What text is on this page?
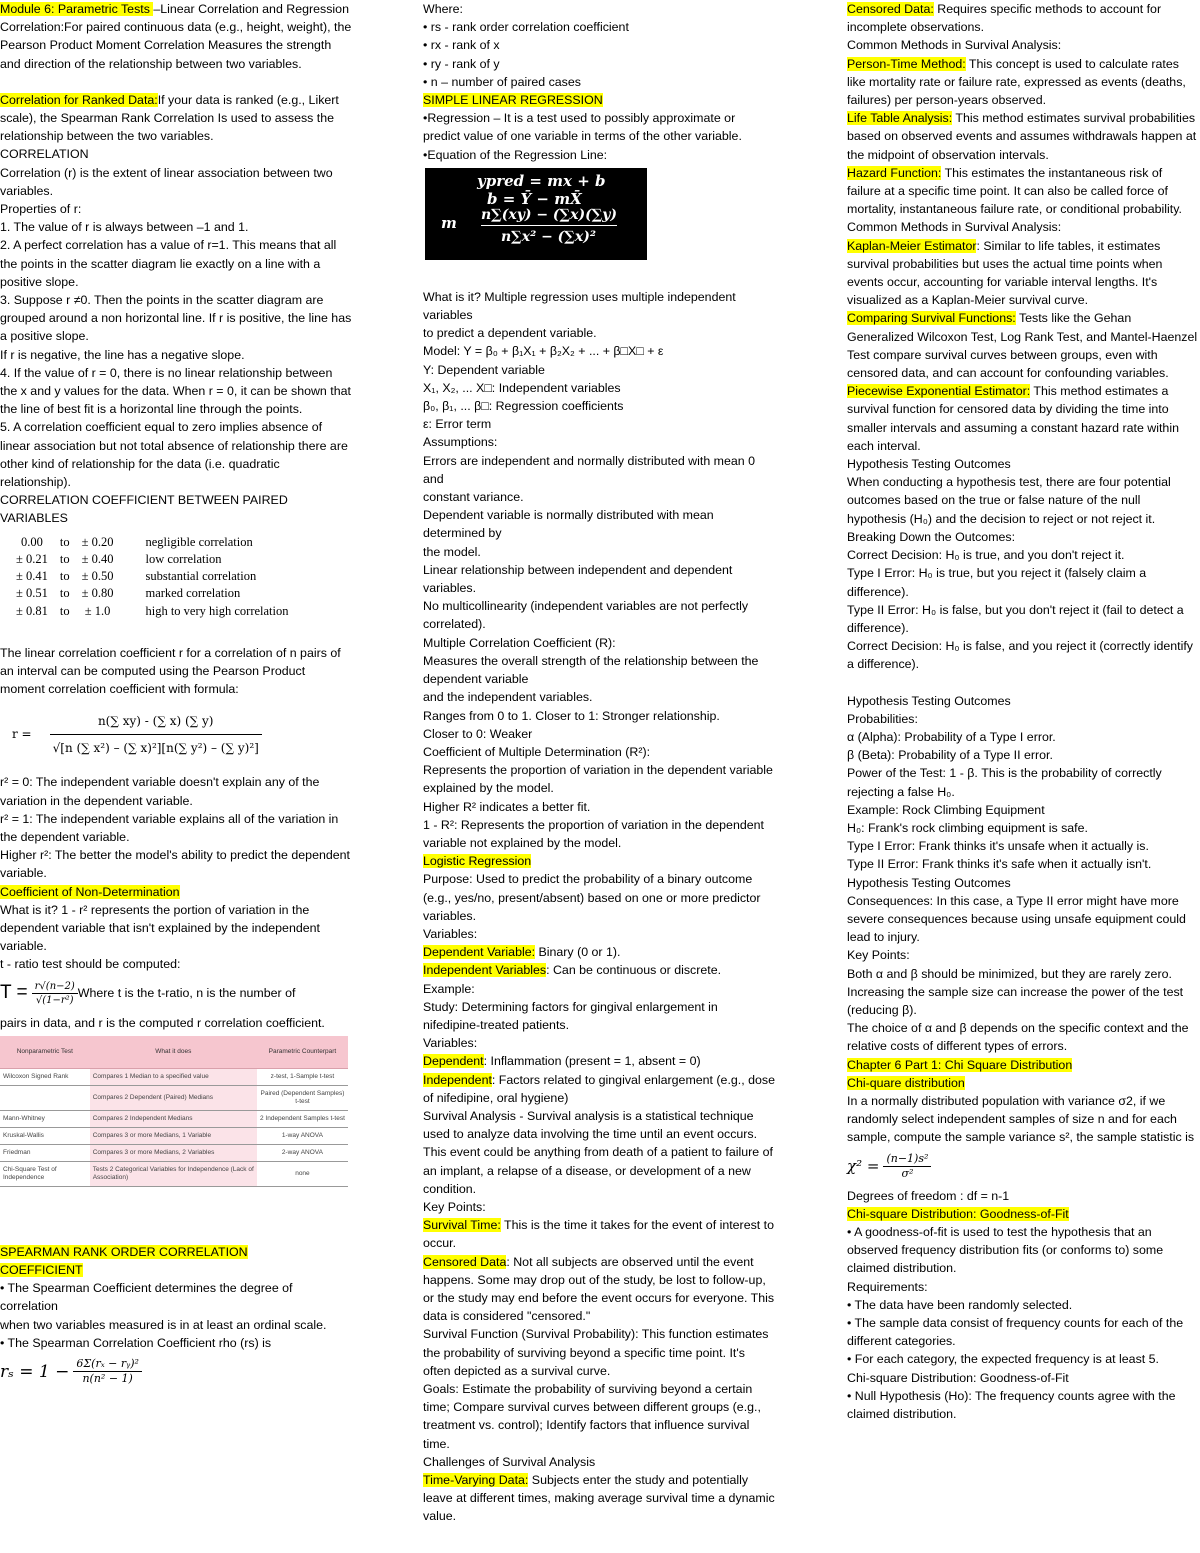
Module 6: Parametric Tests –Linear Correlation and Regression

Correlation:For paired continuous data (e.g., height, weight), the Pearson Product Moment Correlation Measures the strength and direction of the relationship between two variables.

Correlation for Ranked Data:If your data is ranked (e.g., Likert scale), the Spearman Rank Correlation Is used to assess the relationship between the two variables.

CORRELATION

Correlation (r) is the extent of linear association between two variables.

Properties of r:

1. The value of r is always between –1 and 1.

2. A perfect correlation has a value of r=1. This means that all the points in the scatter diagram lie exactly on a line with a positive slope.

3. Suppose r ≠0. Then the points in the scatter diagram are grouped around a non horizontal line. If r is positive, the line has a positive slope.

If r is negative, the line has a negative slope.

4. If the value of r = 0, there is no linear relationship between the x and y values for the data. When r = 0, it can be shown that the line of best fit is a horizontal line through the points.

5. A correlation coefficient equal to zero implies absence of linear association but not total absence of relationship there are other kind of relationship for the data (i.e. quadratic relationship).

CORRELATION COEFFICIENT BETWEEN PAIRED VARIABLES

0.00	to	± 0.20	negligible correlation
± 0.21	to	± 0.40	low correlation
± 0.41	to	± 0.50	substantial correlation
± 0.51	to	± 0.80	marked correlation
± 0.81	to	± 1.0	high to very high correlation

The linear correlation coefficient r for a correlation of n pairs of an interval can be computed using the Pearson Product moment correlation coefficient with formula:

$r = \frac{n(\sum xy) - (\sum x) (\sum y)}{\text{√[n (∑ x²) – (∑ x)²][n(∑ y²) – (∑ y)²]}}$

r² = 0: The independent variable doesn't explain any of the variation in the dependent variable.

r² = 1: The independent variable explains all of the variation in the dependent variable.

Higher r²: The better the model's ability to predict the dependent variable.

Coefficient of Non-Determination

What is it? 1 - r² represents the portion of variation in the dependent variable that isn't explained by the independent variable.

t - ratio test should be computed:

$T = \frac{r√(n-2)}{\text{√(1−r²)}}$ Where t is the t-ratio, n is the number of

pairs in data, and r is the computed r correlation coefficient.

Nonparametric Test	What it does	Parametric Counterpart
Wilcoxon Signed Rank	Compares 1 Median to a specified value	z-test, 1-Sample t-test
	Compares 2 Dependent (Paired) Medians	Paired (Dependent Samples) t-test
Mann-Whitney	Compares 2 Independent Medians	2 Independent Samples t-test
Kruskal-Wallis	Compares 3 or more Medians, 1 Variable	1-way ANOVA
Friedman	Compares 3 or more Medians, 2 Variables	2-way ANOVA
Chi-Square Test of Independence	Tests 2 Categorical Variables for Independence (Lack of Association)	none

SPEARMAN RANK ORDER CORRELATION
COEFFICIENT

• The Spearman Coefficient determines the degree of correlation

when two variables measured is in at least an ordinal scale.

• The Spearman Correlation Coefficient rho (rs) is

$r_s = 1 - \frac{\text{6Σ(rₓ − rᵧ)²}}{\text{n(n² − 1)}}$

Where:

• rs - rank order correlation coefficient

• rx - rank of x

• ry - rank of y

• n – number of paired cases

SIMPLE LINEAR REGRESSION

•Regression – It is a test used to possibly approximate or predict value of one variable in terms of the other variable.

•Equation of the Regression Line:

ypred = mx + b
b = Ȳ − mX̄
m n∑(xy) − (∑x)(∑y)
n∑x² − (∑x)²

What is it? Multiple regression uses multiple independent variables

to predict a dependent variable.

Model: Y = β₀ + β₁X₁ + β₂X₂ + ... + β□X□ + ε

Y: Dependent variable

X₁, X₂, ... X□: Independent variables

β₀, β₁, ... β□: Regression coefficients

ε: Error term

Assumptions:

Errors are independent and normally distributed with mean 0 and

constant variance.

Dependent variable is normally distributed with mean determined by

the model.

Linear relationship between independent and dependent variables.

No multicollinearity (independent variables are not perfectly correlated).

Multiple Correlation Coefficient (R):

Measures the overall strength of the relationship between the dependent variable

and the independent variables.

Ranges from 0 to 1. Closer to 1: Stronger relationship.

Closer to 0: Weaker

Coefficient of Multiple Determination (R²):

Represents the proportion of variation in the dependent variable explained by the model.

Higher R² indicates a better fit.

1 - R²: Represents the proportion of variation in the dependent variable not explained by the model.

Logistic Regression

Purpose: Used to predict the probability of a binary outcome (e.g., yes/no, present/absent) based on one or more predictor variables.

Variables:

Dependent Variable: Binary (0 or 1).

Independent Variables: Can be continuous or discrete.

Example:

Study: Determining factors for gingival enlargement in nifedipine-treated patients.

Variables:

Dependent: Inflammation (present = 1, absent = 0)

Independent: Factors related to gingival enlargement (e.g., dose of nifedipine, oral hygiene)

Survival Analysis - Survival analysis is a statistical technique used to analyze data involving the time until an event occurs. This event could be anything from death of a patient to failure of an implant, a relapse of a disease, or development of a new condition.

Key Points:

Survival Time: This is the time it takes for the event of interest to occur.

Censored Data: Not all subjects are observed until the event happens. Some may drop out of the study, be lost to follow-up, or the study may end before the event occurs for everyone. This data is considered "censored."

Survival Function (Survival Probability): This function estimates the probability of surviving beyond a specific time point. It's often depicted as a survival curve.

Goals: Estimate the probability of surviving beyond a certain time; Compare survival curves between different groups (e.g., treatment vs. control); Identify factors that influence survival time.

Challenges of Survival Analysis

Time-Varying Data: Subjects enter the study and potentially leave at different times, making average survival time a dynamic value.

Censored Data: Requires specific methods to account for incomplete observations.

Common Methods in Survival Analysis:

Person-Time Method: This concept is used to calculate rates like mortality rate or failure rate, expressed as events (deaths, failures) per person-years observed.

Life Table Analysis: This method estimates survival probabilities based on observed events and assumes withdrawals happen at the midpoint of observation intervals.

Hazard Function: This estimates the instantaneous risk of failure at a specific time point. It can also be called force of mortality, instantaneous failure rate, or conditional probability.

Common Methods in Survival Analysis:

Kaplan-Meier Estimator: Similar to life tables, it estimates survival probabilities but uses the actual time points when events occur, accounting for variable interval lengths. It's visualized as a Kaplan-Meier survival curve.

Comparing Survival Functions: Tests like the Gehan Generalized Wilcoxon Test, Log Rank Test, and Mantel-Haenzel Test compare survival curves between groups, even with censored data, and can account for confounding variables.

Piecewise Exponential Estimator: This method estimates a survival function for censored data by dividing the time into smaller intervals and assuming a constant hazard rate within each interval.

Hypothesis Testing Outcomes

When conducting a hypothesis test, there are four potential outcomes based on the true or false nature of the null hypothesis (H₀) and the decision to reject or not reject it.

Breaking Down the Outcomes:

Correct Decision: H₀ is true, and you don't reject it.

Type I Error: H₀ is true, but you reject it (falsely claim a difference).

Type II Error: H₀ is false, but you don't reject it (fail to detect a difference).

Correct Decision: H₀ is false, and you reject it (correctly identify a difference).

Hypothesis Testing Outcomes

Probabilities:

α (Alpha): Probability of a Type I error.

β (Beta): Probability of a Type II error.

Power of the Test: 1 - β. This is the probability of correctly rejecting a false H₀.

Example: Rock Climbing Equipment

H₀: Frank's rock climbing equipment is safe.

Type I Error: Frank thinks it's unsafe when it actually is.

Type II Error: Frank thinks it's safe when it actually isn't.

Hypothesis Testing Outcomes

Consequences: In this case, a Type II error might have more severe consequences because using unsafe equipment could lead to injury.

Key Points:

Both α and β should be minimized, but they are rarely zero.

Increasing the sample size can increase the power of the test (reducing β).

The choice of α and β depends on the specific context and the relative costs of different types of errors.

Chapter 6 Part 1: Chi Square Distribution

Chi-quare distribution

In a normally distributed population with variance σ2, if we randomly select independent samples of size n and for each sample, compute the sample variance s², the sample statistic is

$\chi^2 = \frac{\text{(n−1)s²}}{\text{σ²}}$

Degrees of freedom : df = n-1

Chi-square Distribution: Goodness-of-Fit

• A goodness-of-fit is used to test the hypothesis that an observed frequency distribution fits (or conforms to) some claimed distribution.

Requirements:

• The data have been randomly selected.

• The sample data consist of frequency counts for each of the different categories.

• For each category, the expected frequency is at least 5.

Chi-square Distribution: Goodness-of-Fit

• Null Hypothesis (Ho): The frequency counts agree with the claimed distribution.
